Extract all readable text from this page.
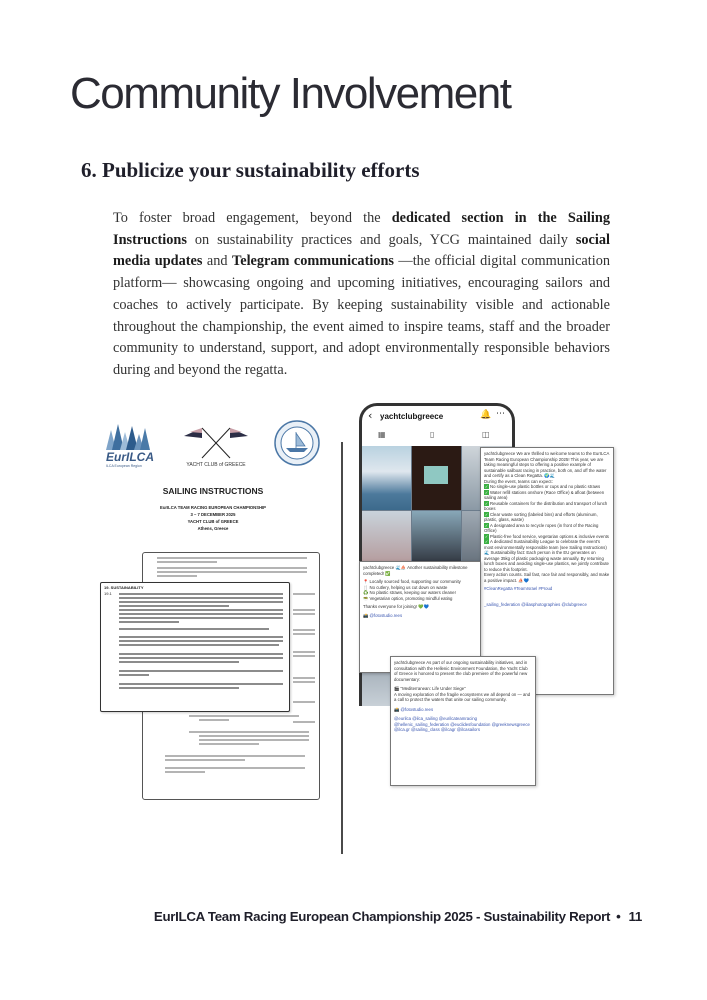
Community Involvement
6. Publicize your sustainability efforts

To foster broad engagement, beyond the dedicated section in the Sailing Instructions on sustainability practices and goals, YCG maintained daily social media updates and Telegram communications —the official digital communication platform— showcasing ongoing and upcoming initiatives, encouraging sailors and coaches to actively participate. By keeping sustainability visible and actionable throughout the championship, the event aimed to inspire teams, staff and the broader community to understand, support, and adopt environmentally responsible behaviors during and beyond the regatta.

EurILCA
ILCA European Region	YACHT CLUB of GREECE
SAILING INSTRUCTIONS
EurILCA TEAM RACING EUROPEAN CHAMPIONSHIP
3 – 7 DECEMBER 2025
YACHT CLUB of GREECE
Athens, Greece
19. SUSTAINABILITY
19.1
‹ yachtclubgreece	🔔 ⋯
▦	▯	◫

yachtclubgreece We are thrilled to welcome teams to the EurILCA Team Racing European Championship 2025! This year, we are taking meaningful steps to offering a positive example of sustainable sailboat racing in practice, both on, and off the water and certify as a Clean Regatta. 🌍🌊

During the event, teams can expect:

✓ No single-use plastic bottles or cups and no plastic straws

✓ Water refill stations onshore (Race Office) & afloat (between sailing area)

✓ Reusable containers for the distribution and transport of lunch boxes

✓ Clear waste sorting (labeled bins) and efforts (aluminum, plastic, glass, waste)

✓ A designated area to recycle ropes (in front of the Racing Office)

✓ Plastic-free food service, vegetarian options & inclusive events

✓ A dedicated Sustainability League to celebrate the event's most environmentally responsible team (see Sailing Instructions)

🌊 Sustainability fact: Each person in the EU generates on average 35kg of plastic packaging waste annually. By returning lunch boxes and avoiding single-use plastics, we jointly contribute to reduce this footprint.

Every action counts. Sail fast, race fair and responsibly, and make a positive impact. ⛵💙

#CleanRegatta #TeamIsrael #Proud

_sailing_federation @iliasphotographies @clubgreece

yachtclubgreece 🌊⛵ Another sustainability milestone completed! ✅

📍 Locally sourced food, supporting our community

🍴 No cutlery, helping us cut down on waste

♻️ No plastic straws, keeping our waters cleaner

🥗 Vegetarian option, promoting mindful eating

Thanks everyone for joining! 💚💙

📸 @fotostudio.rees

yachtclubgreece As part of our ongoing sustainability initiatives, and in consultation with the Hellenic Environment Foundation, the Yacht Club of Greece is honored to present the club premiere of the powerful new documentary:

🎬 "Mediterranean: Life Under Siege"

A moving exploration of the fragile ecosystems we all depend on — and a call to protect the waters that unite our sailing community.

📸 @fotostudio.rees

@eurilca @ilca_sailing @eurilcateamracing @hellenic_sailing_federation @euclidesfoundation @greeknewsgreece @ilca.gr @sailing_class @ilcagr @ilcasailors

EurILCA Team Racing European Championship 2025 - Sustainability Report • 11
